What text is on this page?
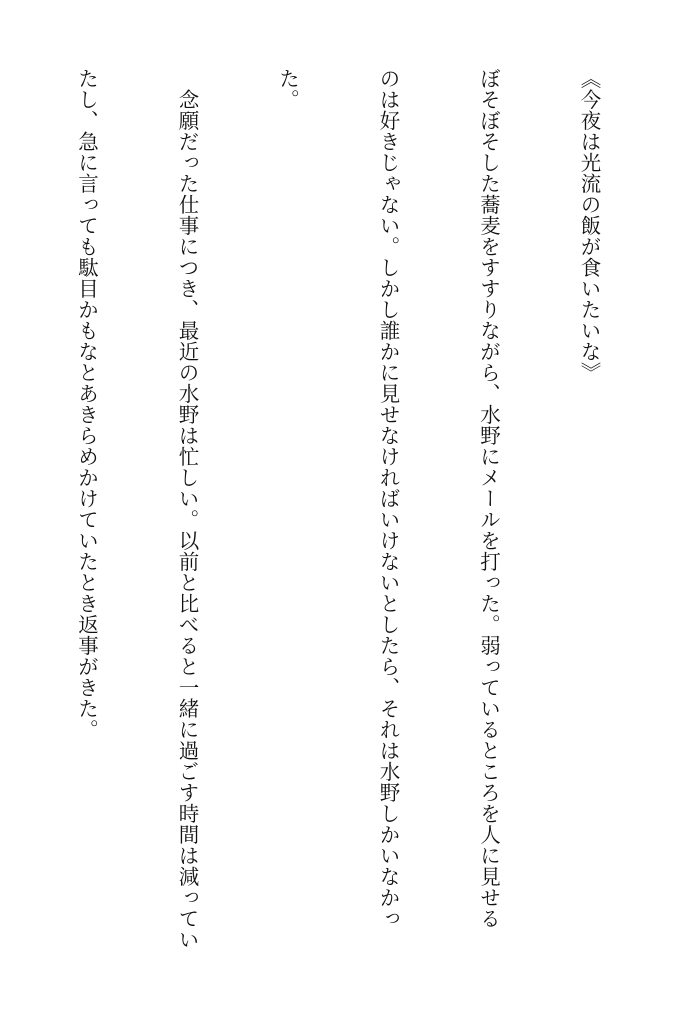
《今夜は光流の飯が食いたいな》

ぼそぼそした蕎麦をすすりながら、水野にメールを打った。弱っているところを人に見せる

のは好きじゃない。しかし誰かに見せなければいけないとしたら、それは水野しかいなかっ

た。

　念願だった仕事につき、最近の水野は忙しい。以前と比べると一緒に過ごす時間は減ってい

たし、急に言っても駄目かもなとあきらめかけていたとき返事がきた。
